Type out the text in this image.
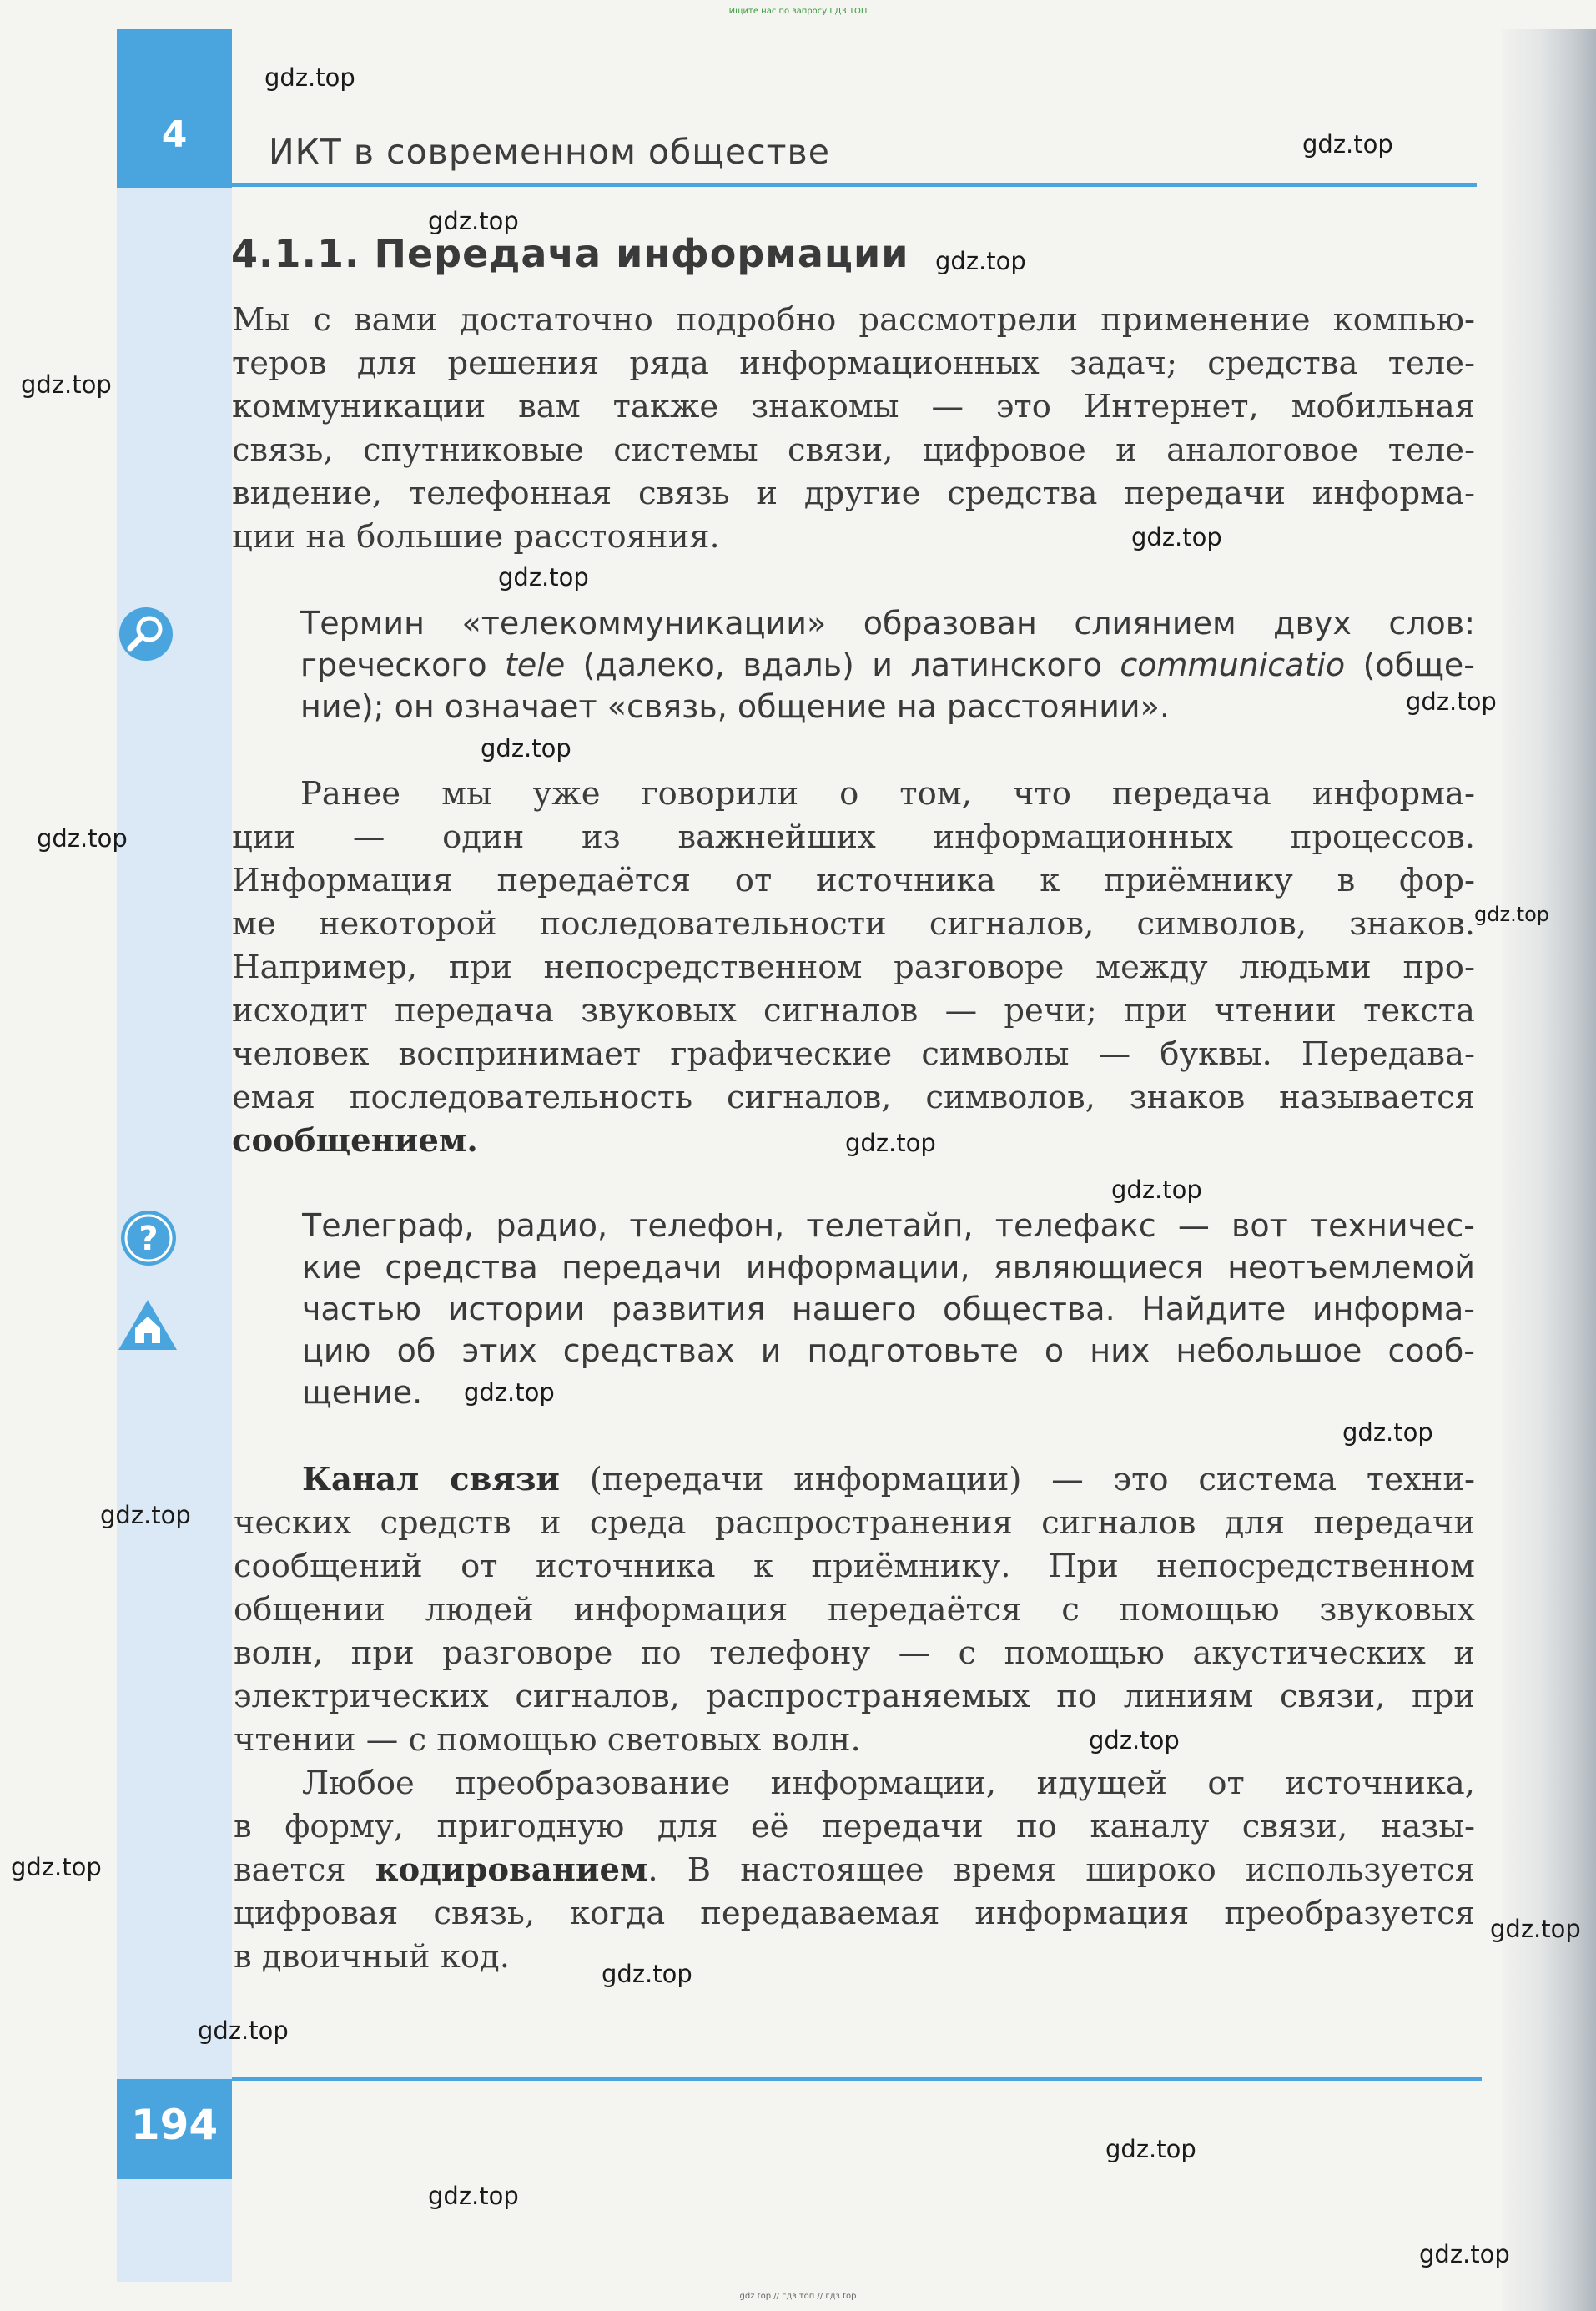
4	ИКТ в современном обществе
Ищите нас по запросу ГДЗ ТОП
4.1.1. Передача информации
Мы с вами достаточно подробно рассмотрели применение компью-
теров для решения ряда информационных задач; средства теле-
коммуникации вам также знакомы — это Интернет, мобильная
связь, спутниковые системы связи, цифровое и аналоговое теле-
видение, телефонная связь и другие средства передачи информа-
ции на большие расстояния.
Термин «телекоммуникации» образован слиянием двух слов:
греческого tele (далеко, вдаль) и латинского communicatio (обще-
ние); он означает «связь, общение на расстоянии».
Ранее мы уже говорили о том, что передача информа-
ции — один из важнейших информационных процессов.
Информация передаётся от источника к приёмнику в фор-
ме некоторой последовательности сигналов, символов, знаков.
Например, при непосредственном разговоре между людьми про-
исходит передача звуковых сигналов — речи; при чтении текста
человек воспринимает графические символы — буквы. Передава-
емая последовательность сигналов, символов, знаков называется
сообщением.
?	Телеграф, радио, телефон, телетайп, телефакс — вот техничес-
кие средства передачи информации, являющиеся неотъемлемой
частью истории развития нашего общества. Найдите информа-
цию об этих средствах и подготовьте о них небольшое сооб-
щение.
Канал связи (передачи информации) — это система техни-
ческих средств и среда распространения сигналов для передачи
сообщений от источника к приёмнику. При непосредственном
общении людей информация передаётся с помощью звуковых
волн, при разговоре по телефону — с помощью акустических и
электрических сигналов, распространяемых по линиям связи, при
чтении — с помощью световых волн.
Любое преобразование информации, идущей от источника,
в форму, пригодную для её передачи по каналу связи, назы-
вается кодированием. В настоящее время широко используется
цифровая связь, когда передаваемая информация преобразуется
в двоичный код.
194
gdz top // гдз топ // гдз top
gdz.top
gdz.top
gdz.top
gdz.top
gdz.top
gdz.top
gdz.top
gdz.top
gdz.top
gdz.top
gdz.top
gdz.top
gdz.top
gdz.top
gdz.top
gdz.top
gdz.top
gdz.top
gdz.top
gdz.top
gdz.top
gdz.top
gdz.top
gdz.top
